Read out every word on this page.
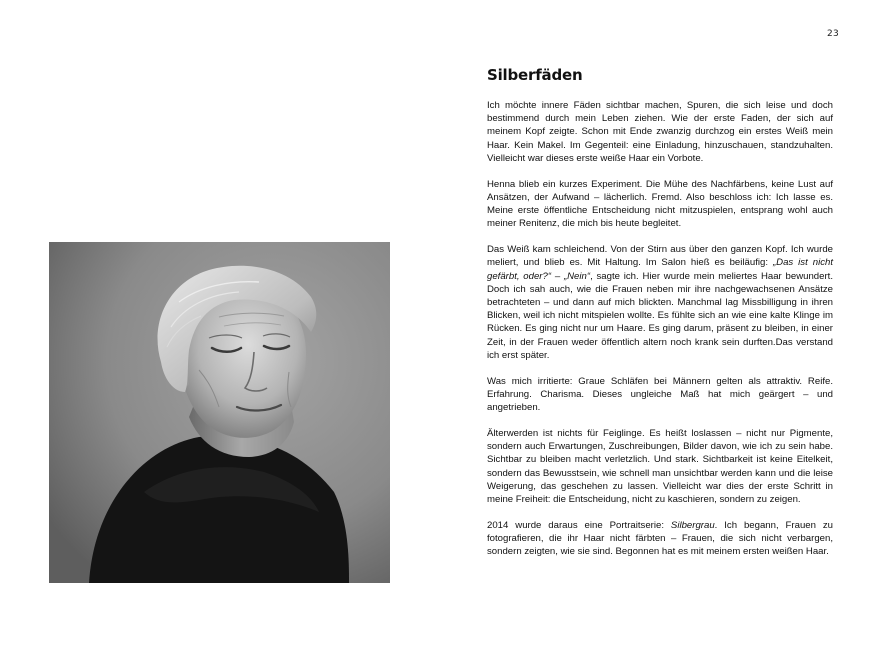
23
Silberfäden

Ich möchte innere Fäden sichtbar machen, Spuren, die sich leise und doch bestimmend durch mein Leben ziehen. Wie der erste Faden, der sich auf meinem Kopf zeigte. Schon mit Ende zwanzig durchzog ein erstes Weiß mein Haar. Kein Makel. Im Gegenteil: eine Einladung, hinzuschauen, standzuhalten. Vielleicht war dieses erste weiße Haar ein Vorbote.

Henna blieb ein kurzes Experiment. Die Mühe des Nachfärbens, keine Lust auf Ansätzen, der Aufwand – lächerlich. Fremd. Also beschloss ich: Ich lasse es. Meine erste öffentliche Entscheidung nicht mitzuspielen, entsprang wohl auch meiner Renitenz, die mich bis heute begleitet.

Das Weiß kam schleichend. Von der Stirn aus über den ganzen Kopf. Ich wurde meliert, und blieb es. Mit Haltung. Im Salon hieß es beiläufig: „Das ist nicht gefärbt, oder?“ – „Nein“, sagte ich. Hier wurde mein meliertes Haar bewundert. Doch ich sah auch, wie die Frauen neben mir ihre nachgewachsenen Ansätze betrachteten – und dann auf mich blickten. Manchmal lag Missbilligung in ihren Blicken, weil ich nicht mitspielen wollte. Es fühlte sich an wie eine kalte Klinge im Rücken. Es ging nicht nur um Haare. Es ging darum, präsent zu bleiben, in einer Zeit, in der Frauen weder öffentlich altern noch krank sein durften.Das verstand ich erst später.

Was mich irritierte: Graue Schläfen bei Männern gelten als attraktiv. Reife. Erfahrung. Charisma. Dieses ungleiche Maß hat mich geärgert – und angetrieben.

Älterwerden ist nichts für Feiglinge. Es heißt loslassen – nicht nur Pigmente, sondern auch Erwartungen, Zuschreibungen, Bilder davon, wie ich zu sein habe. Sichtbar zu bleiben macht verletzlich. Und stark. Sichtbarkeit ist keine Eitelkeit, sondern das Bewusstsein, wie schnell man unsichtbar werden kann und die leise Weigerung, das geschehen zu lassen. Vielleicht war dies der erste Schritt in meine Freiheit: die Entscheidung, nicht zu kaschieren, sondern zu zeigen.

2014 wurde daraus eine Portraitserie: Silbergrau. Ich begann, Frauen zu fotografieren, die ihr Haar nicht färbten – Frauen, die sich nicht verbargen, sondern zeigten, wie sie sind. Begonnen hat es mit meinem ersten weißen Haar.
